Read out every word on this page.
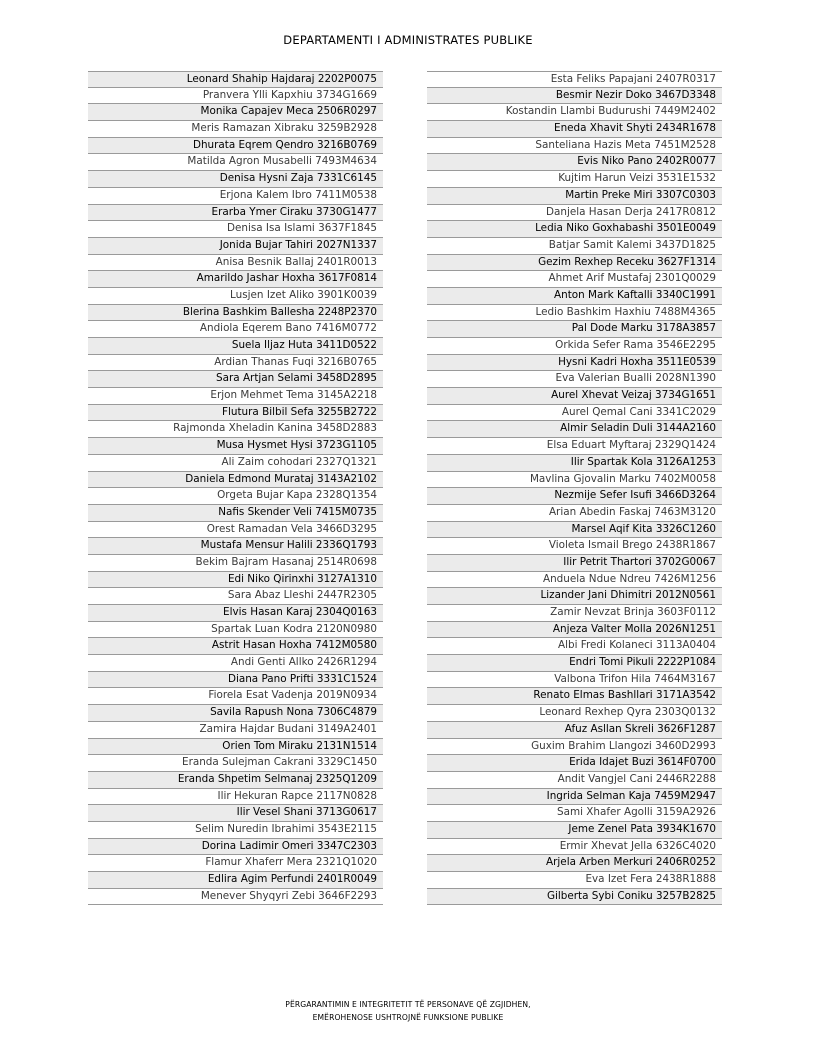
DEPARTAMENTI I ADMINISTRATES PUBLIKE
Leonard Shahip Hajdaraj 2202P0075
Pranvera Ylli Kapxhiu 3734G1669
Monika Capajev Meca 2506R0297
Meris Ramazan Xibraku 3259B2928
Dhurata Eqrem Qendro 3216B0769
Matilda Agron Musabelli 7493M4634
Denisa Hysni Zaja 7331C6145
Erjona Kalem Ibro 7411M0538
Erarba Ymer Ciraku 3730G1477
Denisa Isa Islami 3637F1845
Jonida Bujar Tahiri 2027N1337
Anisa Besnik Ballaj 2401R0013
Amarildo Jashar Hoxha 3617F0814
Lusjen Izet Aliko 3901K0039
Blerina Bashkim Ballesha 2248P2370
Andiola Eqerem Bano 7416M0772
Suela Iljaz Huta 3411D0522
Ardian Thanas Fuqi 3216B0765
Sara Artjan Selami 3458D2895
Erjon Mehmet Tema 3145A2218
Flutura Bilbil Sefa 3255B2722
Rajmonda Xheladin Kanina 3458D2883
Musa Hysmet Hysi 3723G1105
Ali Zaim cohodari 2327Q1321
Daniela Edmond Murataj 3143A2102
Orgeta Bujar Kapa 2328Q1354
Nafis Skender Veli 7415M0735
Orest Ramadan Vela 3466D3295
Mustafa Mensur Halili 2336Q1793
Bekim Bajram Hasanaj 2514R0698
Edi Niko Qirinxhi 3127A1310
Sara Abaz Lleshi 2447R2305
Elvis Hasan Karaj 2304Q0163
Spartak Luan Kodra 2120N0980
Astrit Hasan Hoxha 7412M0580
Andi Genti Allko 2426R1294
Diana Pano Prifti 3331C1524
Fiorela Esat Vadenja 2019N0934
Savila Rapush Nona 7306C4879
Zamira Hajdar Budani 3149A2401
Orien Tom Miraku 2131N1514
Eranda Sulejman Cakrani 3329C1450
Eranda Shpetim Selmanaj 2325Q1209
Ilir Hekuran Rapce 2117N0828
Ilir Vesel Shani 3713G0617
Selim Nuredin Ibrahimi 3543E2115
Dorina Ladimir Omeri 3347C2303
Flamur Xhaferr Mera 2321Q1020
Edlira Agim Perfundi 2401R0049
Menever Shyqyri Zebi 3646F2293
Esta Feliks Papajani 2407R0317
Besmir Nezir Doko 3467D3348
Kostandin Llambi Budurushi 7449M2402
Eneda Xhavit Shyti 2434R1678
Santeliana Hazis Meta 7451M2528
Evis Niko Pano 2402R0077
Kujtim Harun Veizi 3531E1532
Martin Preke Miri 3307C0303
Danjela Hasan Derja 2417R0812
Ledia Niko Goxhabashi 3501E0049
Batjar Samit Kalemi 3437D1825
Gezim Rexhep Receku 3627F1314
Ahmet Arif Mustafaj 2301Q0029
Anton Mark Kaftalli 3340C1991
Ledio Bashkim Haxhiu 7488M4365
Pal Dode Marku 3178A3857
Orkida Sefer Rama 3546E2295
Hysni Kadri Hoxha 3511E0539
Eva Valerian Bualli 2028N1390
Aurel Xhevat Veizaj 3734G1651
Aurel Qemal Cani 3341C2029
Almir Seladin Duli 3144A2160
Elsa Eduart Myftaraj 2329Q1424
Ilir Spartak Kola 3126A1253
Mavlina Gjovalin Marku 7402M0058
Nezmije Sefer Isufi 3466D3264
Arian Abedin Faskaj 7463M3120
Marsel Aqif Kita 3326C1260
Violeta Ismail Brego 2438R1867
Ilir Petrit Thartori 3702G0067
Anduela Ndue Ndreu 7426M1256
Lizander Jani Dhimitri 2012N0561
Zamir Nevzat Brinja 3603F0112
Anjeza Valter Molla 2026N1251
Albi Fredi Kolaneci 3113A0404
Endri Tomi Pikuli 2222P1084
Valbona Trifon Hila 7464M3167
Renato Elmas Bashllari 3171A3542
Leonard Rexhep Qyra 2303Q0132
Afuz Asllan Skreli 3626F1287
Guxim Brahim Llangozi 3460D2993
Erida Idajet Buzi 3614F0700
Andit Vangjel Cani 2446R2288
Ingrida Selman Kaja 7459M2947
Sami Xhafer Agolli 3159A2926
Jeme Zenel Pata 3934K1670
Ermir Xhevat Jella 6326C4020
Arjela Arben Merkuri 2406R0252
Eva Izet Fera 2438R1888
Gilberta Sybi Coniku 3257B2825
PËRGARANTIMIN E INTEGRITETIT TË PERSONAVE QË ZGJIDHEN,
EMËROHENOSE USHTROJNË FUNKSIONE PUBLIKE
